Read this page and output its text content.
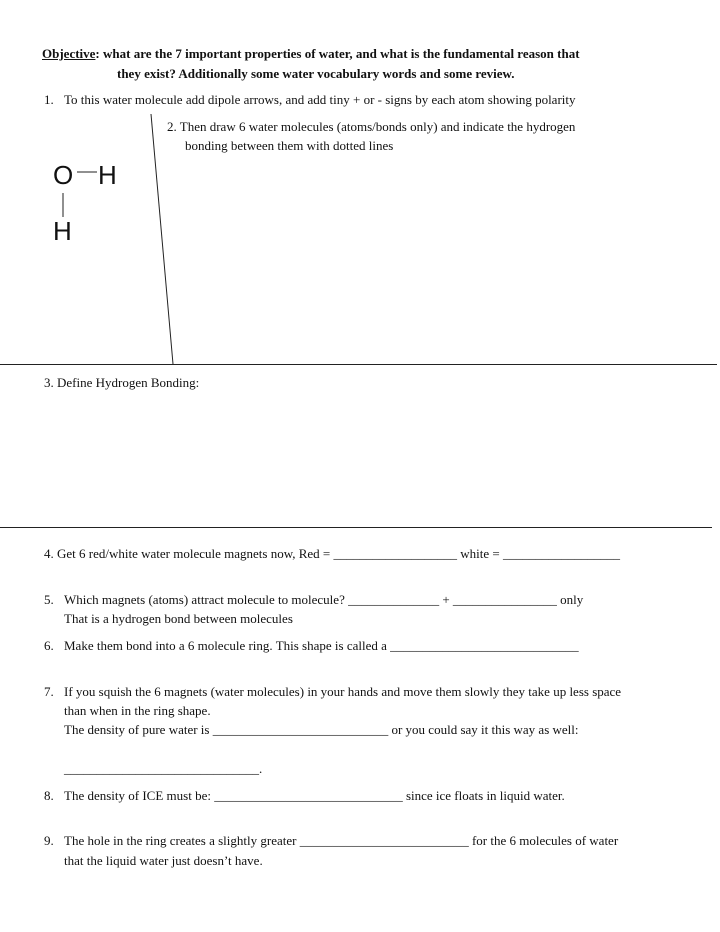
Objective: what are the 7 important properties of water, and what is the fundamental reason that
they exist? Additionally some water vocabulary words and some review.
1. To this water molecule add dipole arrows, and add tiny + or - signs by each atom showing polarity
2. Then draw 6 water molecules (atoms/bonds only) and indicate the hydrogen
bonding between them with dotted lines
O H
H
3. Define Hydrogen Bonding:
4. Get 6 red/white water molecule magnets now, Red = ___________________ white = __________________
5. Which magnets (atoms) attract molecule to molecule? ______________ + ________________ only
That is a hydrogen bond between molecules
6. Make them bond into a 6 molecule ring. This shape is called a _____________________________
7. If you squish the 6 magnets (water molecules) in your hands and move them slowly they take up less space
than when in the ring shape.
The density of pure water is ___________________________ or you could say it this way as well:
______________________________.
8. The density of ICE must be: _____________________________ since ice floats in liquid water.
9. The hole in the ring creates a slightly greater __________________________ for the 6 molecules of water
that the liquid water just doesn’t have.
